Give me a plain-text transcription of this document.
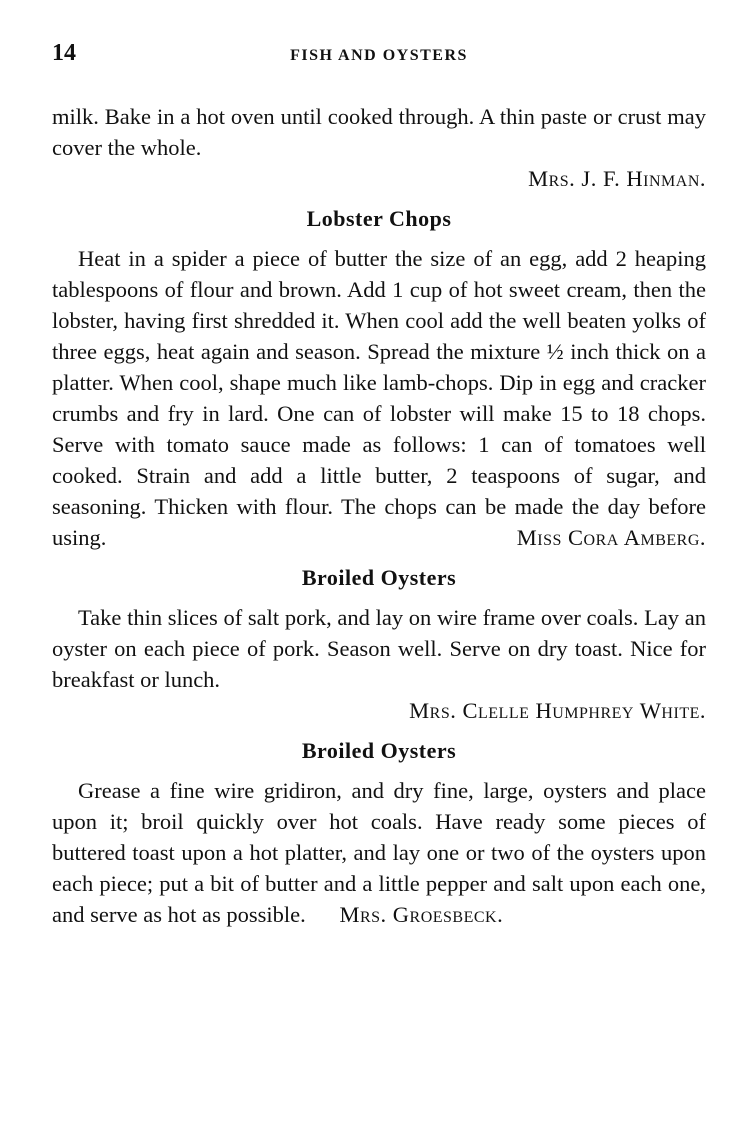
14	FISH AND OYSTERS

milk. Bake in a hot oven until cooked through. A thin paste or crust may cover the whole.

Mrs. J. F. Hinman.
Lobster Chops

Heat in a spider a piece of butter the size of an egg, add 2 heaping tablespoons of flour and brown. Add 1 cup of hot sweet cream, then the lobster, having first shredded it. When cool add the well beaten yolks of three eggs, heat again and season. Spread the mixture ½ inch thick on a platter. When cool, shape much like lamb-chops. Dip in egg and cracker crumbs and fry in lard. One can of lobster will make 15 to 18 chops. Serve with tomato sauce made as follows: 1 can of tomatoes well cooked. Strain and add a little butter, 2 teaspoons of sugar, and seasoning. Thicken with flour. The chops can be made the day before using.	Miss Cora Amberg.

Broiled Oysters

Take thin slices of salt pork, and lay on wire frame over coals. Lay an oyster on each piece of pork. Season well. Serve on dry toast. Nice for breakfast or lunch.

Mrs. Clelle Humphrey White.
Broiled Oysters

Grease a fine wire gridiron, and dry fine, large, oysters and place upon it; broil quickly over hot coals. Have ready some pieces of buttered toast upon a hot platter, and lay one or two of the oysters upon each piece; put a bit of butter and a little pepper and salt upon each one, and serve as hot as possible. Mrs. Groesbeck.
